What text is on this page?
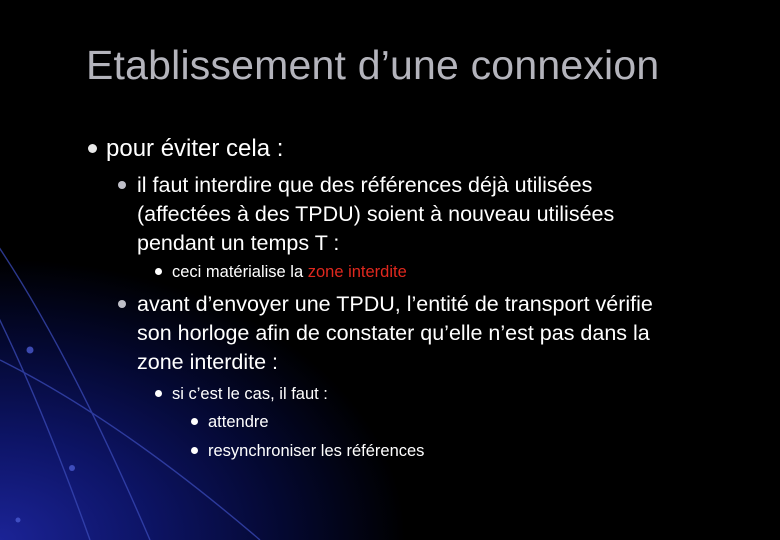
Etablissement d’une connexion
pour éviter cela :
il faut interdire que des références déjà utilisées
(affectées à des TPDU) soient à nouveau utilisées
pendant un temps T :
ceci matérialise la zone interdite
avant d’envoyer une TPDU, l’entité de transport vérifie
son horloge afin de constater qu’elle n’est pas dans la
zone interdite :
si c’est le cas, il faut :
attendre
resynchroniser les références
